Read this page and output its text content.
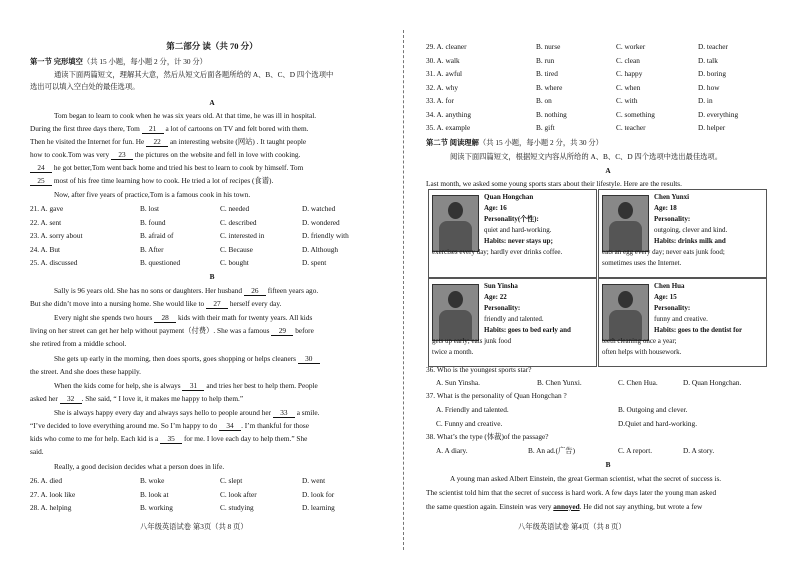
第二部分 读（共 70 分）
第一节 完形填空（共 15 小题，每小题 2 分，计 30 分）
通读下面两篇短文，理解其大意，然后从短文后面各题所给的 A、B、C、D 四个选项中
选出可以填入空白处的最佳选项。
A
Tom began to learn to cook when he was six years old. At that time, he was ill in hospital.
During the first three days there, Tom 21 a lot of cartoons on TV and felt bored with them.
Then he visited the Internet for fun. He 22 an interesting website (网站) . It taught people
how to cook.Tom was very 23 the pictures on the website and fell in love with cooking.
24 he got better,Tom went back home and tried his best to learn to cook by himself. Tom
25 most of his free time learning how to cook. He tried a lot of recipes (食谱).
Now, after five years of practice,Tom is a famous cook in his town.
21. A. gave	B. lost	C. needed	D. watched
22. A. sent	B. found	C. described	D. wondered
23. A. sorry about	B. afraid of	C. interested in	D. friendly with
24. A. But	B. After	C. Because	D. Although
25. A. discussed	B. questioned	C. bought	D. spent
B
Sally is 96 years old. She has no sons or daughters. Her husband 26 fifteen years ago.
But she didn’t move into a nursing home. She would like to 27 herself every day.
Every night she spends two hours 28 kids with their math for twenty years. All kids
living on her street can get her help without payment（付费）. She was a famous 29 before
she retired from a middle school.
She gets up early in the morning, then does sports, goes shopping or helps cleaners 30
the street. And she does these happily.
When the kids come for help, she is always 31 and tries her best to help them. People
asked her 32 . She said, “ I love it, it makes me happy to help them.”
She is always happy every day and always says hello to people around her 33 a smile.
“I’ve decided to love everything around me. So I’m happy to do 34 . I’m thankful for those
kids who come to me for help. Each kid is a 35 for me. I love each day to help them.” She
said.
Really, a good decision decides what a person does in life.
26. A. died	B. woke	C. slept	D. went
27. A. look like	B. look at	C. look after	D. look for
28. A. helping	B. working	C. studying	D. learning
八年级英语试卷 第3页（共 8 页）
29. A. cleaner	B. nurse	C. worker	D. teacher
30. A. walk	B. run	C. clean	D. talk
31. A. awful	B. tired	C. happy	D. boring
32. A. why	B. where	C. when	D. how
33. A. for	B. on	C. with	D. in
34. A. anything	B. nothing	C. something	D. everything
35. A. example	B. gift	C. teacher	D. helper
第二节 阅读理解（共 15 小题，每小题 2 分，共 30 分）
阅读下面四篇短文，根据短文内容从所给的 A、B、C、D 四个选项中选出最佳选项。
A
Last month, we asked some young sports stars about their lifestyle. Here are the results.
Quan Hongchan
Age: 16
Personality(个性):
quiet and hard-working.
Habits: never stays up;
exercises every day; hardly ever drinks coffee.
Chen Yunxi
Age: 18
Personality:
outgoing, clever and kind.
Habits: drinks milk and
eats an egg every day; never eats junk food;
sometimes uses the Internet.
Sun Yinsha
Age: 22
Personality:
friendly and talented.
Habits: goes to bed early and
gets up early; eats junk food
twice a month.
Chen Hua
Age: 15
Personality:
funny and creative.
Habits: goes to the dentist for
teeth cleaning once a year;
often helps with housework.
36. Who is the youngest sports star?
A. Sun Yinsha.	B. Chen Yunxi.	C. Chen Hua.	D. Quan Hongchan.
37. What is the personality of Quan Hongchan ?
A. Friendly and talented.	B. Outgoing and clever.
C. Funny and creative.	D.Quiet and hard-working.
38. What’s the type (体裁)of the passage?
A. A diary.	B. An ad.(广告)	C. A report.	D. A story.
B
A young man asked Albert Einstein, the great German scientist, what the secret of success is.
The scientist told him that the secret of success is hard work. A few days later the young man asked
the same question again. Einstein was very annoyed. He did not say anything, but wrote a few
八年级英语试卷 第4页（共 8 页）
